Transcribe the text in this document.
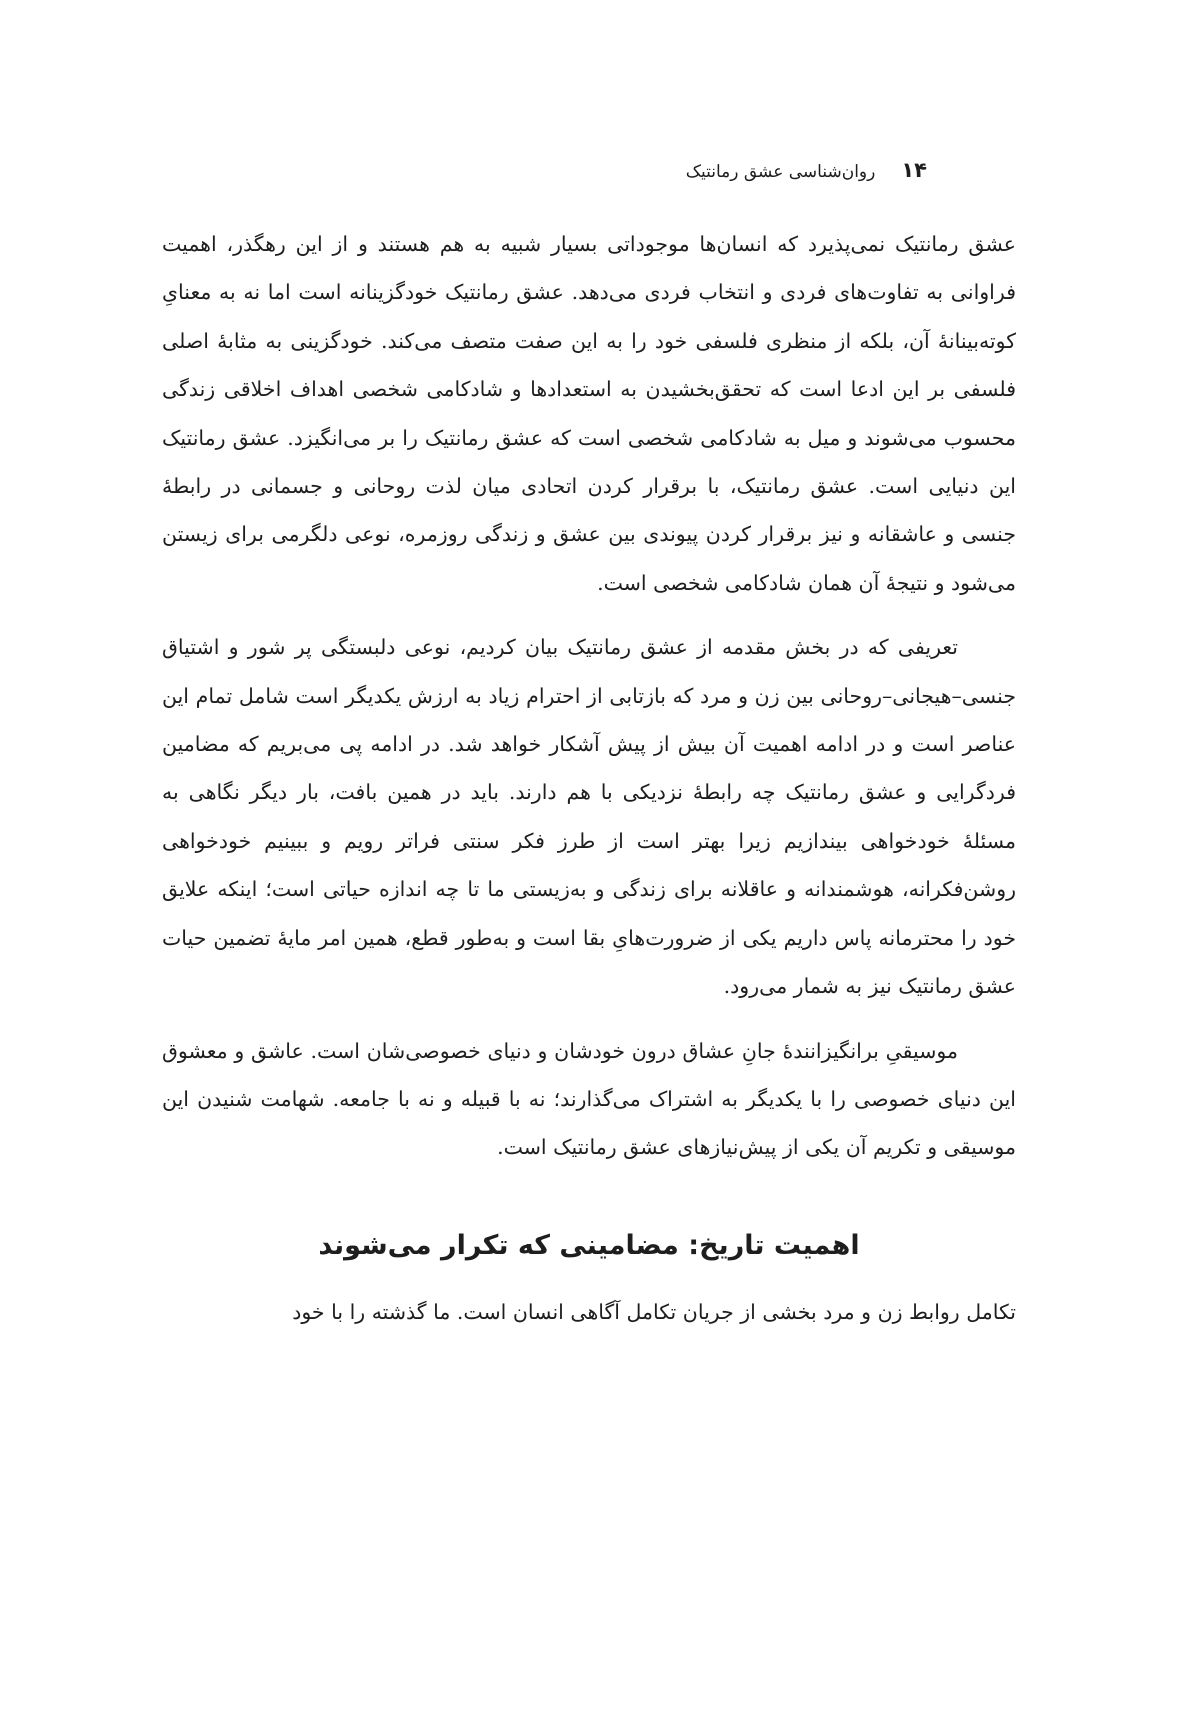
۱۴
روان‌شناسی عشق رمانتیک

عشق رمانتیک نمی‌پذیرد که انسان‌ها موجوداتی بسیار شبیه به هم هستند و از این رهگذر، اهمیت فراوانی به تفاوت‌های فردی و انتخاب فردی می‌دهد. عشق رمانتیک خودگزینانه است اما نه به معنایِ کوته‌بینانهٔ آن، بلکه از منظری فلسفی خود را به این صفت متصف می‌کند. خودگزینی به مثابهٔ اصلی فلسفی بر این ادعا است که تحقق‌بخشیدن به استعدادها و شادکامی شخصی اهداف اخلاقی زندگی محسوب می‌شوند و میل به شادکامی شخصی است که عشق رمانتیک را بر می‌انگیزد. عشق رمانتیک این دنیایی است. عشق رمانتیک، با برقرار کردن اتحادی میان لذت روحانی و جسمانی در رابطهٔ جنسی و عاشقانه و نیز برقرار کردن پیوندی بین عشق و زندگی روزمره، نوعی دلگرمی برای زیستن می‌شود و نتیجهٔ آن همان شادکامی شخصی است.

تعریفی که در بخش مقدمه از عشق رمانتیک بیان کردیم، نوعی دلبستگی پر شور و اشتیاق جنسی–هیجانی–روحانی بین زن و مرد که بازتابی از احترام زیاد به ارزش یکدیگر است شامل تمام این عناصر است و در ادامه اهمیت آن بیش از پیش آشکار خواهد شد. در ادامه پی می‌بریم که مضامین فردگرایی و عشق رمانتیک چه رابطهٔ نزدیکی با هم دارند. باید در همین بافت، بار دیگر نگاهی به مسئلهٔ خودخواهی بیندازیم زیرا بهتر است از طرز فکر سنتی فراتر رویم و ببینیم خودخواهی روشن‌فکرانه، هوشمندانه و عاقلانه برای زندگی و به‌زیستی ما تا چه اندازه حیاتی است؛ اینکه علایق خود را محترمانه پاس داریم یکی از ضرورت‌هایِ بقا است و به‌طور قطع، همین امر مایهٔ تضمین حیات عشق رمانتیک نیز به شمار می‌رود.

موسیقیِ برانگیزانندهٔ جانِ عشاق درون خودشان و دنیای خصوصی‌شان است. عاشق و معشوق این دنیای خصوصی را با یکدیگر به اشتراک می‌گذارند؛ نه با قبیله و نه با جامعه. شهامت شنیدن این موسیقی و تکریم آن یکی از پیش‌نیازهای عشق رمانتیک است.

اهمیت تاریخ: مضامینی که تکرار می‌شوند

تکامل روابط زن و مرد بخشی از جریان تکامل آگاهی انسان است. ما گذشته را با خود
